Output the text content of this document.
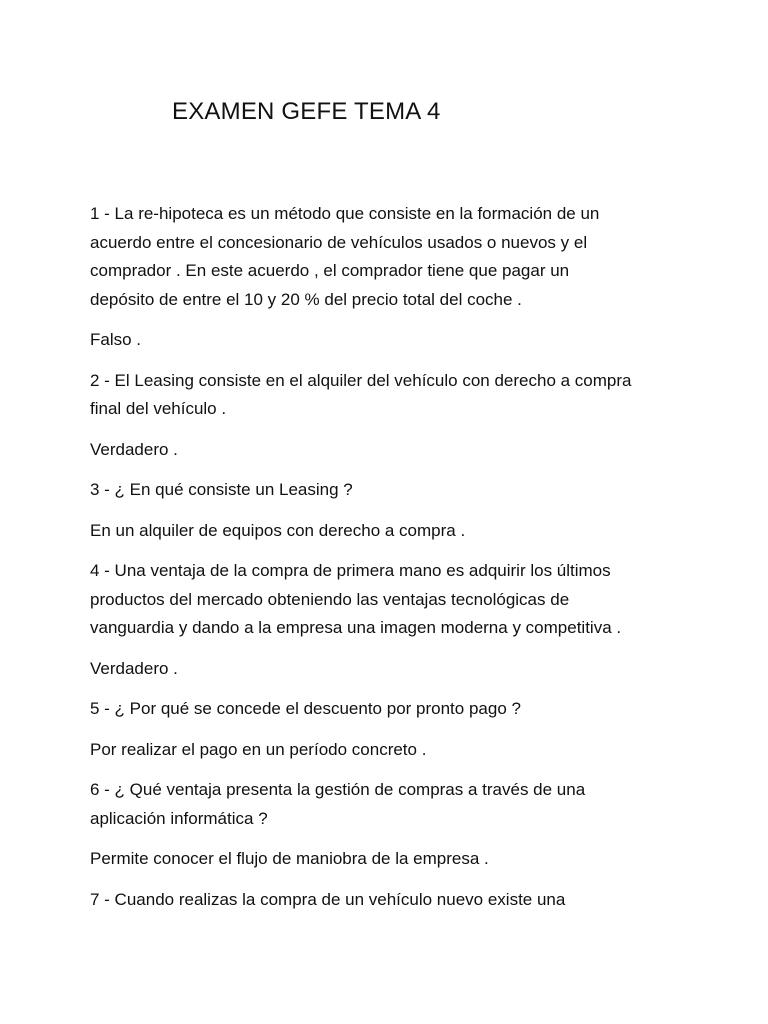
EXAMEN GEFE TEMA 4

1 - La re-hipoteca es un método que consiste en la formación de un
acuerdo entre el concesionario de vehículos usados o nuevos y el
comprador . En este acuerdo , el comprador tiene que pagar un
depósito de entre el 10 y 20 % del precio total del coche .

Falso .

2 - El Leasing consiste en el alquiler del vehículo con derecho a compra
final del vehículo .

Verdadero .

3 - ¿ En qué consiste un Leasing ?

En un alquiler de equipos con derecho a compra .

4 - Una ventaja de la compra de primera mano es adquirir los últimos
productos del mercado obteniendo las ventajas tecnológicas de
vanguardia y dando a la empresa una imagen moderna y competitiva .

Verdadero .

5 - ¿ Por qué se concede el descuento por pronto pago ?

Por realizar el pago en un período concreto .

6 - ¿ Qué ventaja presenta la gestión de compras a través de una
aplicación informática ?

Permite conocer el flujo de maniobra de la empresa .

7 - Cuando realizas la compra de un vehículo nuevo existe una
